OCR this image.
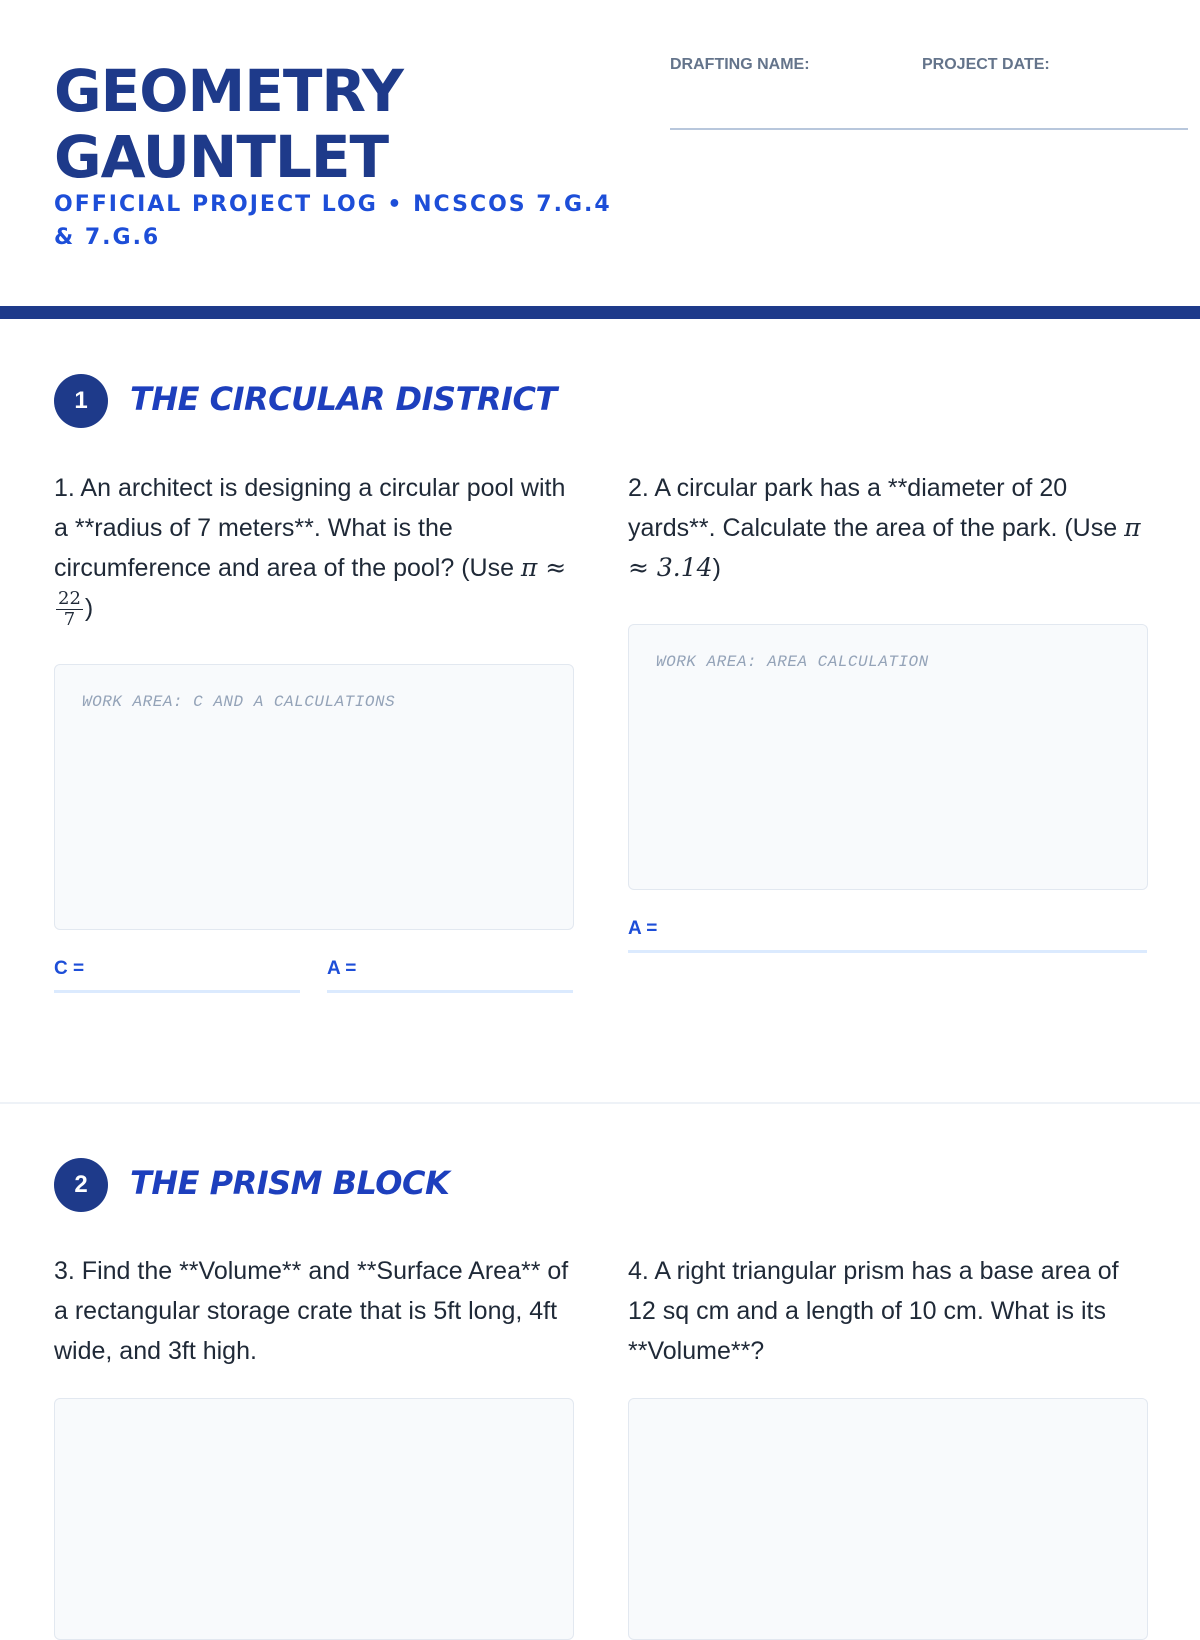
GEOMETRY
GAUNTLET
OFFICIAL PROJECT LOG • NCSCOS 7.G.4 & 7.G.6
DRAFTING NAME:	PROJECT DATE:
1	THE CIRCULAR DISTRICT
1. An architect is designing a circular pool with a **radius of 7 meters**. What is the circumference and area of the pool? (Use π ≈
$\frac{22}{7}$ )
WORK AREA: C AND A CALCULATIONS
C =	A =
2. A circular park has a **diameter of 20 yards**. Calculate the area of the park. (Use π ≈ 3.14)
WORK AREA: AREA CALCULATION
A =
2	THE PRISM BLOCK
3. Find the **Volume** and **Surface Area** of a rectangular storage crate that is 5ft long, 4ft wide, and 3ft high.
4. A right triangular prism has a base area of 12 sq cm and a length of 10 cm. What is its **Volume**?
